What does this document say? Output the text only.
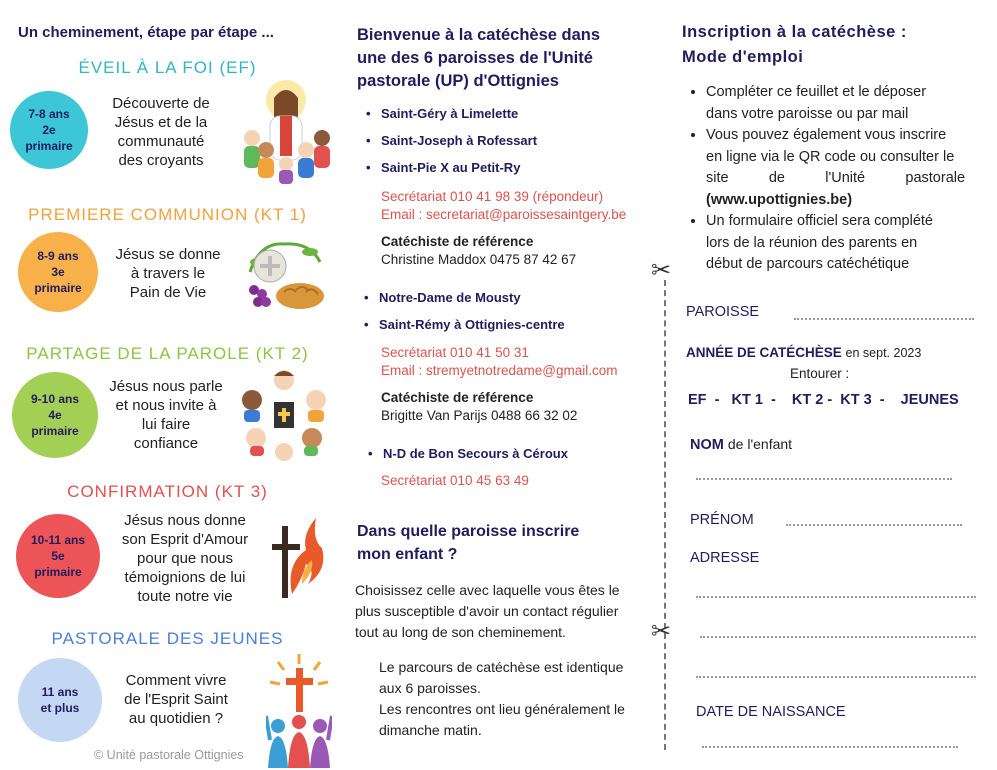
Un cheminement, étape par étape ...
ÉVEIL À LA FOI (EF)
7-8 ans
2e
primaire
Découverte de
Jésus et de la
communauté
des croyants
PREMIERE COMMUNION (KT 1)
8-9 ans
3e
primaire
Jésus se donne
à travers le
Pain de Vie
PARTAGE DE LA PAROLE (KT 2)
9-10 ans
4e
primaire
Jésus nous parle
et nous invite à
lui faire
confiance
CONFIRMATION (KT 3)
10-11 ans
5e
primaire
Jésus nous donne
son Esprit d'Amour
pour que nous
témoignions de lui
toute notre vie
PASTORALE DES JEUNES
11 ans
et plus
Comment vivre
de l'Esprit Saint
au quotidien ?
© Unité pastorale Ottignies
Bienvenue à la catéchèse dans
une des 6 paroisses de l'Unité
pastorale (UP) d'Ottignies
• Saint-Géry à Limelette
• Saint-Joseph à Rofessart
• Saint-Pie X au Petit-Ry
Secrétariat 010 41 98 39 (répondeur)
Email : secretariat@paroissesaintgery.be
Catéchiste de référence
Christine Maddox 0475 87 42 67
• Notre-Dame de Mousty
• Saint-Rémy à Ottignies-centre
Secrétariat 010 41 50 31
Email : stremyetnotredame@gmail.com
Catéchiste de référence
Brigitte Van Parijs 0488 66 32 02
• N-D de Bon Secours à Céroux
Secrétariat 010 45 63 49
Dans quelle paroisse inscrire
mon enfant ?
Choisissez celle avec laquelle vous êtes le
plus susceptible d'avoir un contact régulier
tout au long de son cheminement.
Le parcours de catéchèse est identique
aux 6 paroisses.
Les rencontres ont lieu généralement le
dimanche matin.
✂
✂
Inscription à la catéchèse :
Mode d'emploi
• Compléter ce feuillet et le déposer
dans votre paroisse ou par mail
• Vous pouvez également vous inscrire
en ligne via le QR code ou consulter le
site          de          l'Unité          pastorale
(www.upottignies.be)
• Un formulaire officiel sera complété
lors de la réunion des parents en
début de parcours catéchétique
PAROISSE
ANNÉE DE CATÉCHÈSE en sept. 2023
Entourer :
EF  -   KT 1  -    KT 2 -  KT 3  -    JEUNES
NOM de l'enfant
PRÉNOM
ADRESSE
DATE DE NAISSANCE
